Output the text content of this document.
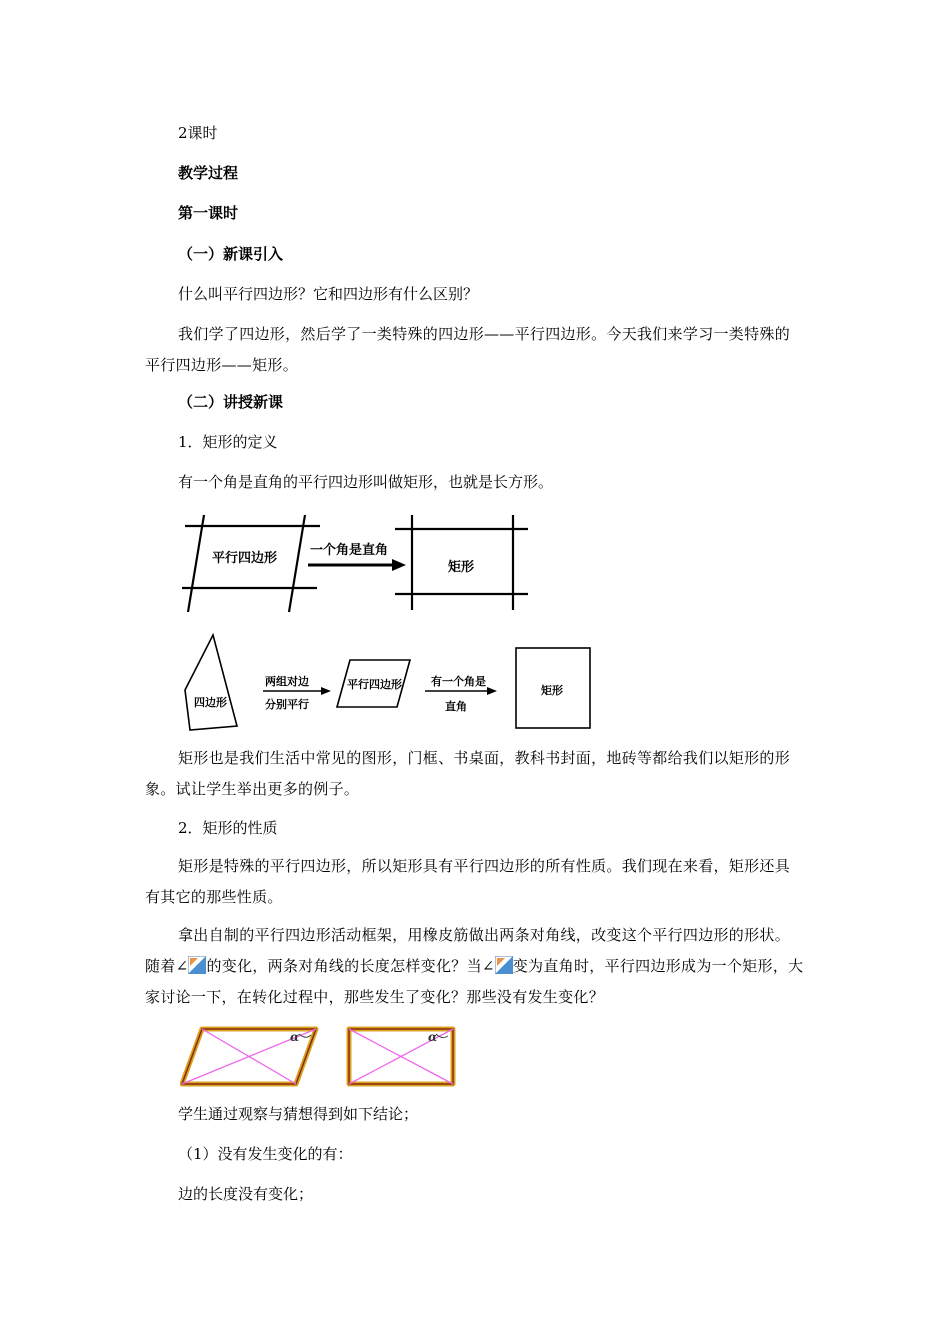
2课时
教学过程
第一课时
（一）新课引入
什么叫平行四边形？它和四边形有什么区别？
我们学了四边形，然后学了一类特殊的四边形——平行四边形。今天我们来学习一类特殊的平行四边形——矩形。
（二）讲授新课
1．矩形的定义
有一个角是直角的平行四边形叫做矩形，也就是长方形。
平行四边形
一个角是直角
矩形
四边形
两组对边
分别平行
平行四边形	有一个角是
直角
矩形
矩形也是我们生活中常见的图形，门框、书桌面，教科书封面，地砖等都给我们以矩形的形象。试让学生举出更多的例子。
2．矩形的性质
矩形是特殊的平行四边形，所以矩形具有平行四边形的所有性质。我们现在来看，矩形还具有其它的那些性质。
拿出自制的平行四边形活动框架，用橡皮筋做出两条对角线，改变这个平行四边形的形状。随着∠ 的变化，两条对角线的长度怎样变化？当∠ 变为直角时，平行四边形成为一个矩形，大家讨论一下，在转化过程中，那些发生了变化？那些没有发生变化？
α	α
学生通过观察与猜想得到如下结论；
（1）没有发生变化的有：
边的长度没有变化；
